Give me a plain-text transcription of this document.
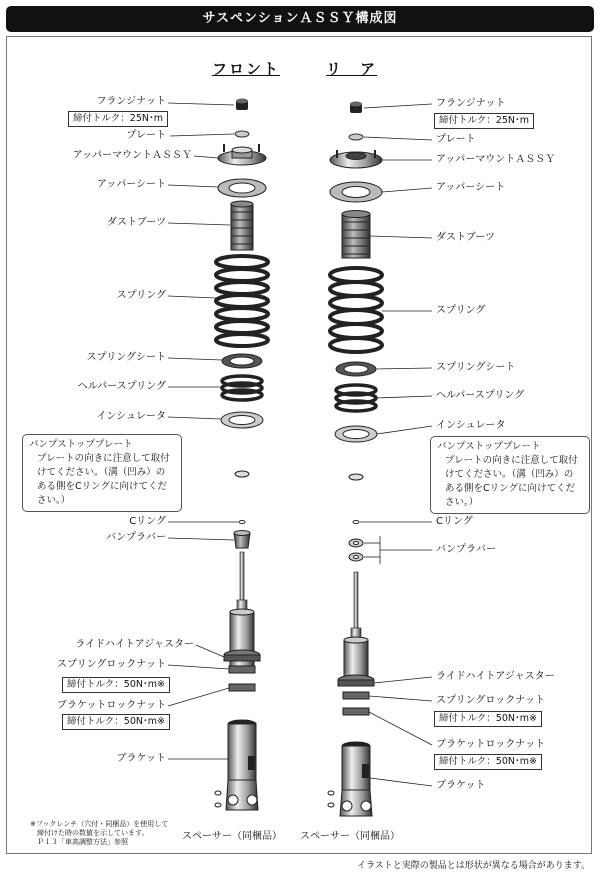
サスペンションＡＳＳＹ構成図
フロント	リ　ア
フランジナット
締付トルク：25N･m
プレート
アッパーマウントＡＳＳＹ
アッパーシート
ダストブーツ
スプリング
スプリングシート
ヘルパースプリング
インシュレータ
バンプストッププレート
プレートの向きに注意して取付
けてください。（溝（凹み）の
ある側をCリングに向けてくだ
さい。）
Cリング
バンプラバー
ライドハイトアジャスター
スプリングロックナット
締付トルク：50N･m※
ブラケットロックナット
締付トルク：50N･m※
ブラケット
スペーサー（同梱品）
フランジナット
締付トルク：25N･m
プレート
アッパーマウントＡＳＳＹ
アッパーシート
ダストブーツ
スプリング
スプリングシート
ヘルパースプリング
インシュレータ
バンプストッププレート
プレートの向きに注意して取付
けてください。（溝（凹み）の
ある側をCリングに向けてくだ
さい。）
Cリング
バンプラバー
ライドハイトアジャスター
スプリングロックナット
締付トルク：50N･m※
ブラケットロックナット
締付トルク：50N･m※
ブラケット
スペーサー（同梱品）
※フックレンチ（穴付・同梱品）を使用して
　締付けた時の数値を示しています。
　Ｐ１３「車高調整方法」参照
イラストと実際の製品とは形状が異なる場合があります。
